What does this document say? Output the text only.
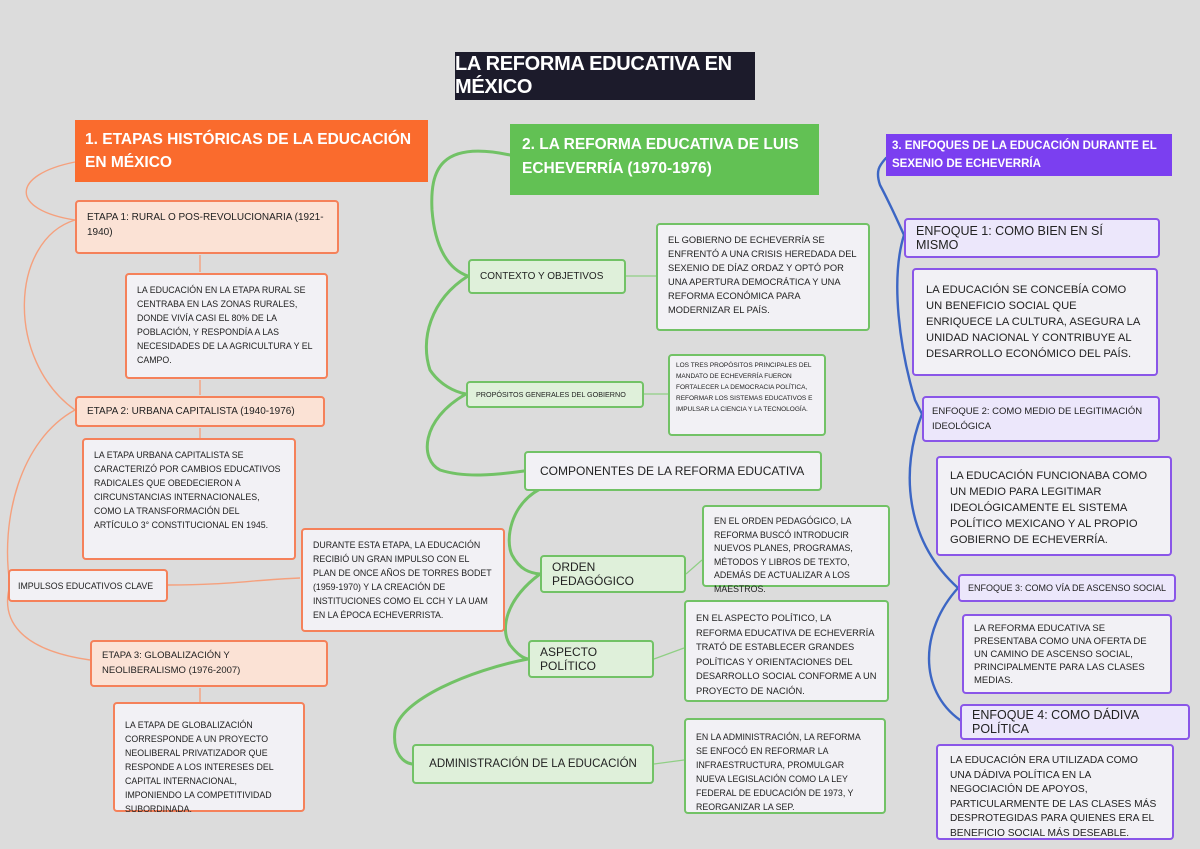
LA REFORMA EDUCATIVA EN MÉXICO
1. ETAPAS HISTÓRICAS DE LA EDUCACIÓN EN MÉXICO
ETAPA 1: RURAL O POS-REVOLUCIONARIA (1921-1940)
LA EDUCACIÓN EN LA ETAPA RURAL SE CENTRABA EN LAS ZONAS RURALES, DONDE VIVÍA CASI EL 80% DE LA POBLACIÓN, Y RESPONDÍA A LAS NECESIDADES DE LA AGRICULTURA Y EL CAMPO.
ETAPA 2: URBANA CAPITALISTA (1940-1976)
LA ETAPA URBANA CAPITALISTA SE CARACTERIZÓ POR CAMBIOS EDUCATIVOS RADICALES QUE OBEDECIERON A CIRCUNSTANCIAS INTERNACIONALES, COMO LA TRANSFORMACIÓN DEL ARTÍCULO 3° CONSTITUCIONAL EN 1945.
IMPULSOS EDUCATIVOS CLAVE
DURANTE ESTA ETAPA, LA EDUCACIÓN RECIBIÓ UN GRAN IMPULSO CON EL PLAN DE ONCE AÑOS DE TORRES BODET (1959-1970) Y LA CREACIÓN DE INSTITUCIONES COMO EL CCH Y LA UAM EN LA ÉPOCA ECHEVERRISTA.
ETAPA 3: GLOBALIZACIÓN Y NEOLIBERALISMO (1976-2007)
LA ETAPA DE GLOBALIZACIÓN CORRESPONDE A UN PROYECTO NEOLIBERAL PRIVATIZADOR QUE RESPONDE A LOS INTERESES DEL CAPITAL INTERNACIONAL, IMPONIENDO LA COMPETITIVIDAD SUBORDINADA.
2. LA REFORMA EDUCATIVA DE LUIS ECHEVERRÍA (1970-1976)
CONTEXTO Y OBJETIVOS
EL GOBIERNO DE ECHEVERRÍA SE ENFRENTÓ A UNA CRISIS HEREDADA DEL SEXENIO DE DÍAZ ORDAZ Y OPTÓ POR UNA APERTURA DEMOCRÁTICA Y UNA REFORMA ECONÓMICA PARA MODERNIZAR EL PAÍS.
PROPÓSITOS GENERALES DEL GOBIERNO
LOS TRES PROPÓSITOS PRINCIPALES DEL MANDATO DE ECHEVERRÍA FUERON FORTALECER LA DEMOCRACIA POLÍTICA, REFORMAR LOS SISTEMAS EDUCATIVOS E IMPULSAR LA CIENCIA Y LA TECNOLOGÍA.
COMPONENTES DE LA REFORMA EDUCATIVA
EN EL ORDEN PEDAGÓGICO, LA REFORMA BUSCÓ INTRODUCIR NUEVOS PLANES, PROGRAMAS, MÉTODOS Y LIBROS DE TEXTO, ADEMÁS DE ACTUALIZAR A LOS MAESTROS.
ORDEN PEDAGÓGICO
EN EL ASPECTO POLÍTICO, LA REFORMA EDUCATIVA DE ECHEVERRÍA TRATÓ DE ESTABLECER GRANDES POLÍTICAS Y ORIENTACIONES DEL DESARROLLO SOCIAL CONFORME A UN PROYECTO DE NACIÓN.
ASPECTO POLÍTICO
ADMINISTRACIÓN DE LA EDUCACIÓN
EN LA ADMINISTRACIÓN, LA REFORMA SE ENFOCÓ EN REFORMAR LA INFRAESTRUCTURA, PROMULGAR NUEVA LEGISLACIÓN COMO LA LEY FEDERAL DE EDUCACIÓN DE 1973, Y REORGANIZAR LA SEP.
3. ENFOQUES DE LA EDUCACIÓN DURANTE EL SEXENIO DE ECHEVERRÍA
ENFOQUE 1: COMO BIEN EN SÍ MISMO
LA EDUCACIÓN SE CONCEBÍA COMO UN BENEFICIO SOCIAL QUE ENRIQUECE LA CULTURA, ASEGURA LA UNIDAD NACIONAL Y CONTRIBUYE AL DESARROLLO ECONÓMICO DEL PAÍS.
ENFOQUE 2: COMO MEDIO DE LEGITIMACIÓN IDEOLÓGICA
LA EDUCACIÓN FUNCIONABA COMO UN MEDIO PARA LEGITIMAR IDEOLÓGICAMENTE EL SISTEMA POLÍTICO MEXICANO Y AL PROPIO GOBIERNO DE ECHEVERRÍA.
ENFOQUE 3: COMO VÍA DE ASCENSO SOCIAL
LA REFORMA EDUCATIVA SE PRESENTABA COMO UNA OFERTA DE UN CAMINO DE ASCENSO SOCIAL, PRINCIPALMENTE PARA LAS CLASES MEDIAS.
ENFOQUE 4: COMO DÁDIVA POLÍTICA
LA EDUCACIÓN ERA UTILIZADA COMO UNA DÁDIVA POLÍTICA EN LA NEGOCIACIÓN DE APOYOS, PARTICULARMENTE DE LAS CLASES MÁS DESPROTEGIDAS PARA QUIENES ERA EL BENEFICIO SOCIAL MÁS DESEABLE.
